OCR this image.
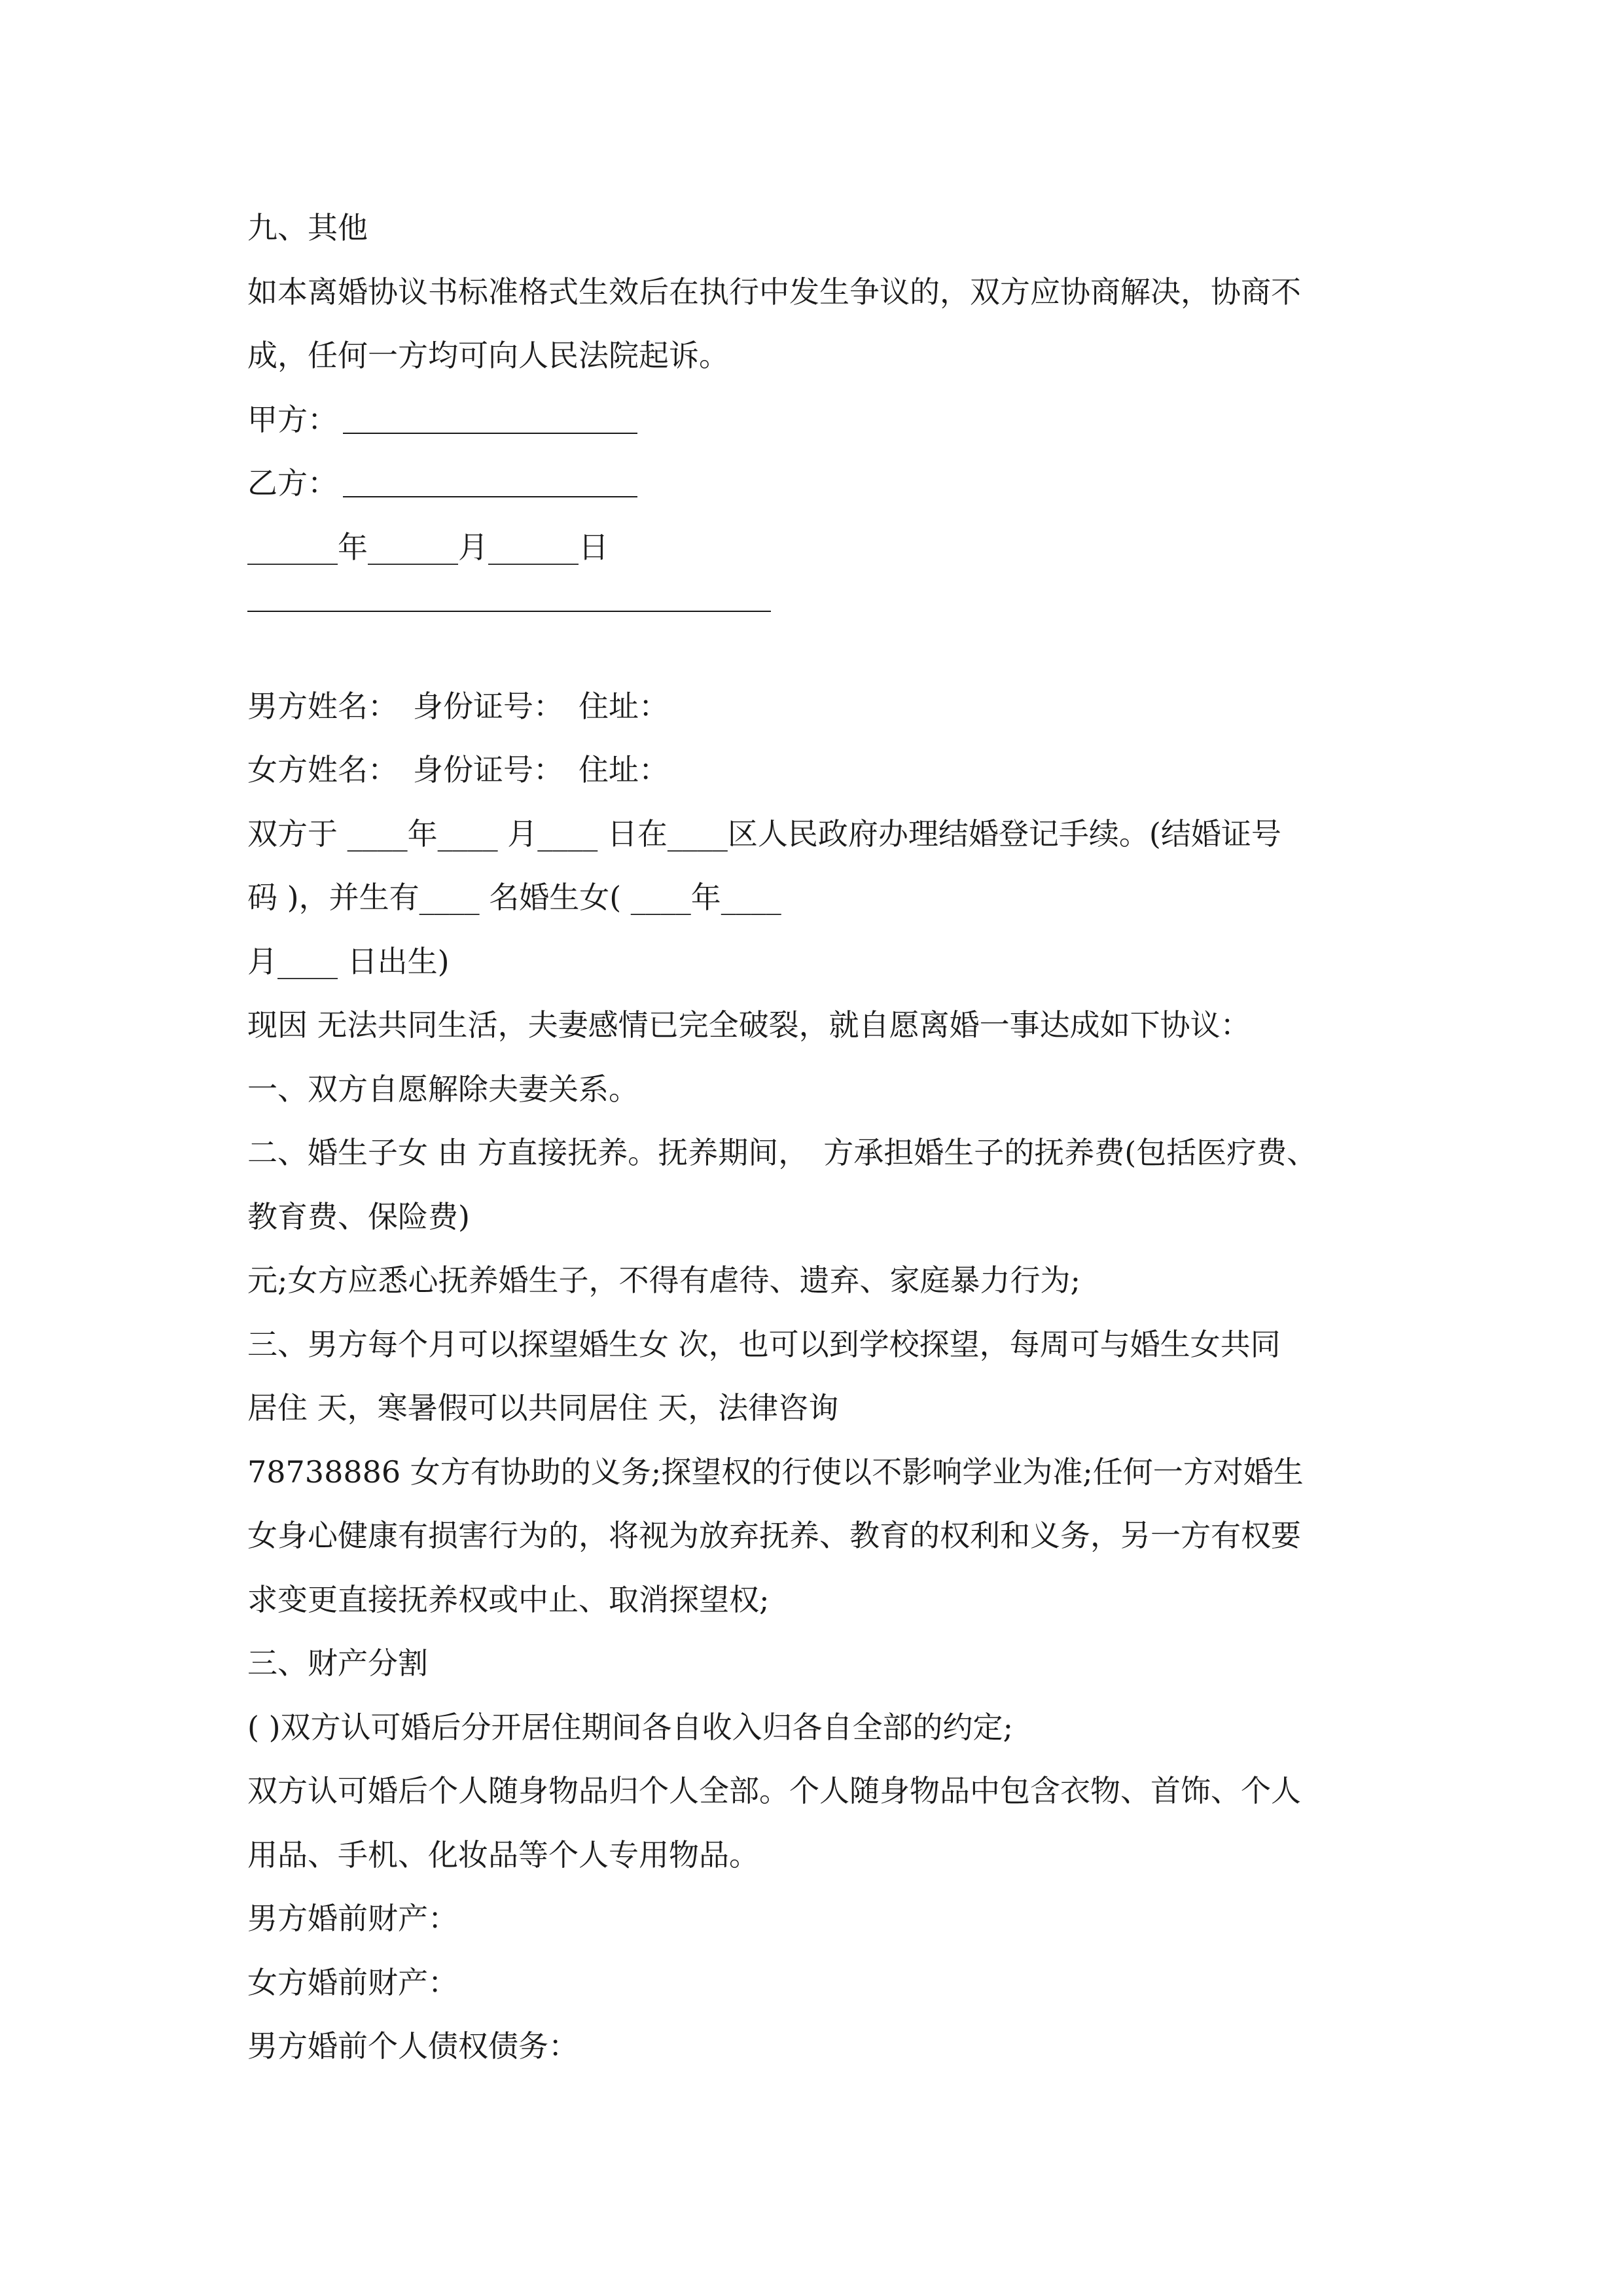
九、其他
如本离婚协议书标准格式生效后在执行中发生争议的，双方应协商解决，协商不
成，任何一方均可向人民法院起诉。
甲方：
乙方：
______年______月______日
男方姓名：　身份证号：　住址：
女方姓名：　身份证号：　住址：
双方于 ____年____ 月____ 日在____区人民政府办理结婚登记手续。(结婚证号
码 )，并生有____ 名婚生女( ____年____
月____ 日出生)
现因 无法共同生活，夫妻感情已完全破裂，就自愿离婚一事达成如下协议：
一、双方自愿解除夫妻关系。
二、婚生子女 由 方直接抚养。抚养期间，　方承担婚生子的抚养费(包括医疗费、
教育费、保险费)
元;女方应悉心抚养婚生子，不得有虐待、遗弃、家庭暴力行为;
三、男方每个月可以探望婚生女 次，也可以到学校探望，每周可与婚生女共同
居住 天，寒暑假可以共同居住 天，法律咨询
78738886 女方有协助的义务;探望权的行使以不影响学业为准;任何一方对婚生
女身心健康有损害行为的，将视为放弃抚养、教育的权利和义务，另一方有权要
求变更直接抚养权或中止、取消探望权;
三、财产分割
( )双方认可婚后分开居住期间各自收入归各自全部的约定;
双方认可婚后个人随身物品归个人全部。个人随身物品中包含衣物、首饰、个人
用品、手机、化妆品等个人专用物品。
男方婚前财产：
女方婚前财产：
男方婚前个人债权债务：
